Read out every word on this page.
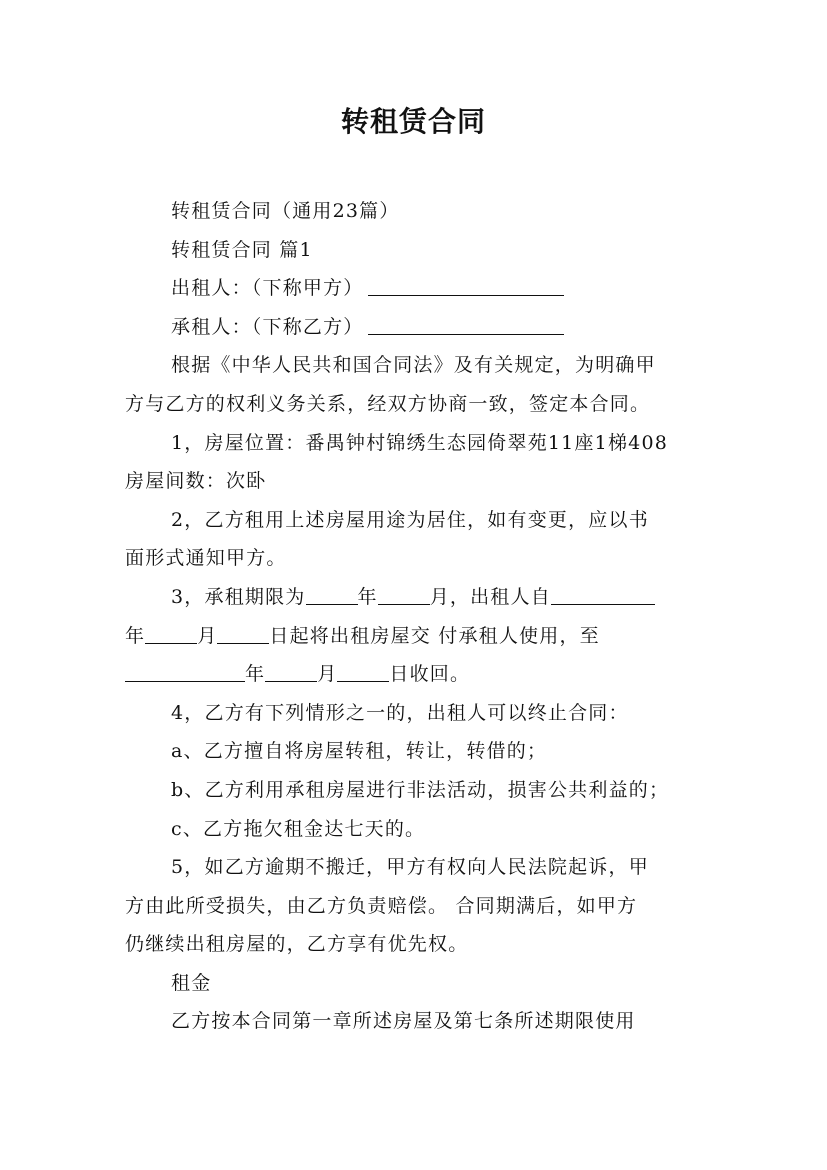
转租赁合同
转租赁合同（通用23篇）
转租赁合同 篇1
出租人：（下称甲方）
承租人：（下称乙方）
根据《中华人民共和国合同法》及有关规定，为明确甲
方与乙方的权利义务关系，经双方协商一致，签定本合同。
1，房屋位置：番禺钟村锦绣生态园倚翠苑11座1梯408
房屋间数：次卧
2，乙方租用上述房屋用途为居住，如有变更，应以书
面形式通知甲方。
3，承租期限为	年	月，出租人自
年	月	日起将出租房屋交 付承租人使用，至
年	月	日收回。
4，乙方有下列情形之一的，出租人可以终止合同：
a、乙方擅自将房屋转租，转让，转借的；
b、乙方利用承租房屋进行非法活动，损害公共利益的；
c、乙方拖欠租金达七天的。
5，如乙方逾期不搬迁，甲方有权向人民法院起诉，甲
方由此所受损失，由乙方负责赔偿。 合同期满后，如甲方
仍继续出租房屋的，乙方享有优先权。
租金
乙方按本合同第一章所述房屋及第七条所述期限使用
